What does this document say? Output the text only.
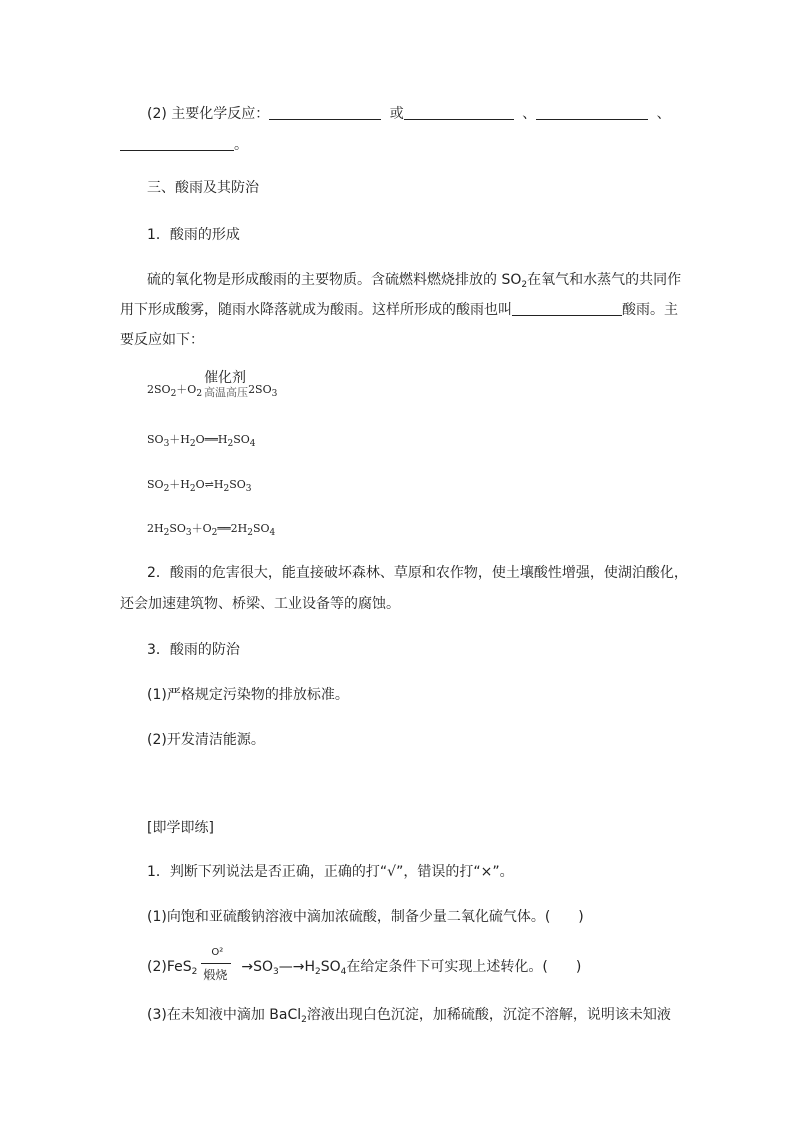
(2) 主要化学反应：	或	、	、
。
三、酸雨及其防治
1．酸雨的形成
硫的氧化物是形成酸雨的主要物质。含硫燃料燃烧排放的 $SO_2$在氧气和水蒸气的共同作
用下形成酸雾，随雨水降落就成为酸雨。这样所形成的酸雨也叫	酸雨。主
要反应如下：
$2SO_2+O_2$
催化剂
高温高压 $2SO_3$
$SO_3+H_2O══H_2SO_4$
$SO_2+H_2O\rightleftharpoons H_2SO_3$
$2H_2SO_3+O_2══2H_2SO_4$
2．酸雨的危害很大，能直接破坏森林、草原和农作物，使土壤酸性增强，使湖泊酸化，
还会加速建筑物、桥梁、工业设备等的腐蚀。
3．酸雨的防治
(1)严格规定污染物的排放标准。
(2)开发清洁能源。
[即学即练]
1．判断下列说法是否正确，正确的打“√”，错误的打“×”。
(1)向饱和亚硫酸钠溶液中滴加浓硫酸，制备少量二氧化硫气体。(　　)
(2)FeS$_2$
O²
煅烧 $\to SO_3—\to H_2SO_4$在给定条件下可实现上述转化。(　　)
(3)在未知液中滴加 BaCl$_2$溶液出现白色沉淀，加稀硫酸，沉淀不溶解，说明该未知液
